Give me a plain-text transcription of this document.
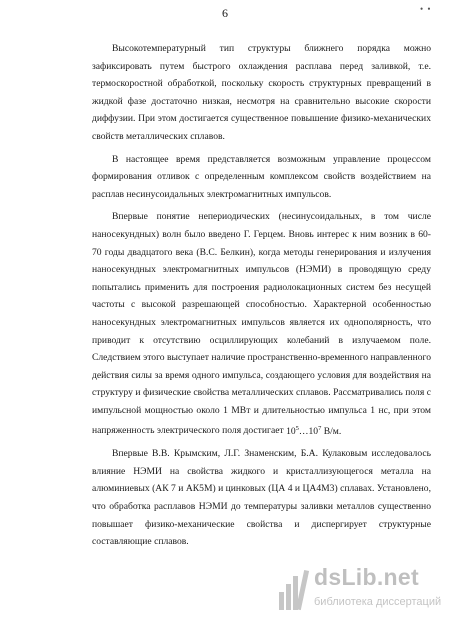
6	• •

Высокотемпературный тип структуры ближнего порядка можно зафиксировать путем быстрого охлаждения расплава перед заливкой, т.е. термоскоростной обработкой, поскольку скорость структурных превращений в жидкой фазе достаточно низкая, несмотря на сравнительно высокие скорости диффузии. При этом достигается существенное повышение физико-механических свойств металлических сплавов.

В настоящее время представляется возможным управление процессом формирования отливок с определенным комплексом свойств воздействием на расплав несинусоидальных электромагнитных импульсов.

Впервые понятие непериодических (несинусоидальных, в том числе наносекундных) волн было введено Г. Герцем. Вновь интерес к ним возник в 60-70 годы двадцатого века (В.С. Белкин), когда методы генерирования и излучения наносекундных электромагнитных импульсов (НЭМИ) в проводящую среду попытались применить для построения радиолокационных систем без несущей частоты с высокой разрешающей способностью. Характерной особенностью наносекундных электромагнитных импульсов является их однополярность, что приводит к отсутствию осциллирующих колебаний в излучаемом поле. Следствием этого выступает наличие пространственно-временного направленного действия силы за время одного импульса, создающего условия для воздействия на структуру и физические свойства металлических сплавов. Рассматривались поля с импульсной мощностью около 1 МВт и длительностью импульса 1 нс, при этом напряженность электрического поля достигает $10^5\dots 10^7$ В/м.

Впервые В.В. Крымским, Л.Г. Знаменским, Б.А. Кулаковым исследовалось влияние НЭМИ на свойства жидкого и кристаллизующегося металла на алюминиевых (АК 7 и АК5М) и цинковых (ЦА 4 и ЦА4М3) сплавах. Установлено, что обработка расплавов НЭМИ до температуры заливки металлов существенно повышает физико-механические свойства и диспергирует структурные составляющие сплавов.

dsLib.net
библиотека диссертаций
